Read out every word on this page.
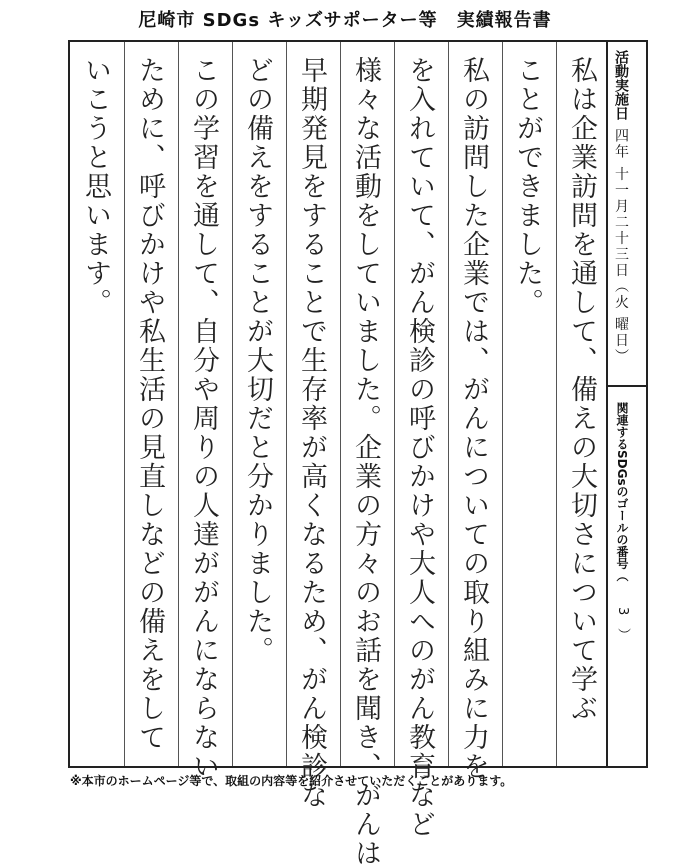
尼崎市 SDGs キッズサポーター等　実績報告書
私は企業訪問を通して、備えの大切さについて学ぶ
ことができました。
私の訪問した企業では、がんについての取り組みに力を
を入れていて、がん検診の呼びかけや大人へのがん教育など
様々な活動をしていました。企業の方々のお話を聞き、がんは
早期発見をすることで生存率が高くなるため、がん検診な
どの備えをすることが大切だと分かりました。
この学習を通して、自分や周りの人達ががんにならない
ために、呼びかけや私生活の見直しなどの備えをして
いこうと思います。	活動実施日
四年 十一月二十三日（火 曜日）
関連するSDGsのゴールの番号（
3　）
※本市のホームページ等で、取組の内容等を紹介させていただくことがあります。
